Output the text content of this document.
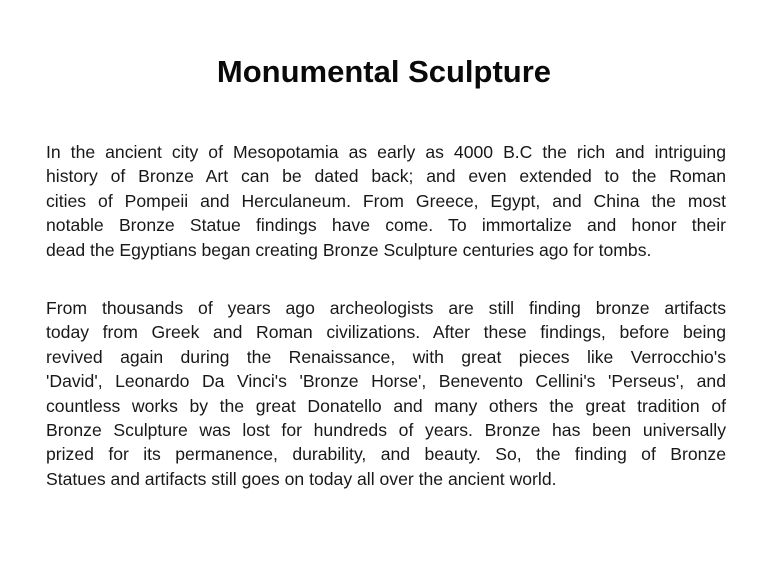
Monumental Sculpture
In the ancient city of Mesopotamia as early as 4000 B.C the rich and intriguing
history of Bronze Art can be dated back; and even extended to the Roman
cities of Pompeii and Herculaneum. From Greece, Egypt, and China the most
notable Bronze Statue findings have come. To immortalize and honor their
dead the Egyptians began creating Bronze Sculpture centuries ago for tombs.
From thousands of years ago archeologists are still finding bronze artifacts
today from Greek and Roman civilizations. After these findings, before being
revived again during the Renaissance, with great pieces like Verrocchio's
'David', Leonardo Da Vinci's 'Bronze Horse', Benevento Cellini's 'Perseus', and
countless works by the great Donatello and many others the great tradition of
Bronze Sculpture was lost for hundreds of years. Bronze has been universally
prized for its permanence, durability, and beauty. So, the finding of Bronze
Statues and artifacts still goes on today all over the ancient world.
